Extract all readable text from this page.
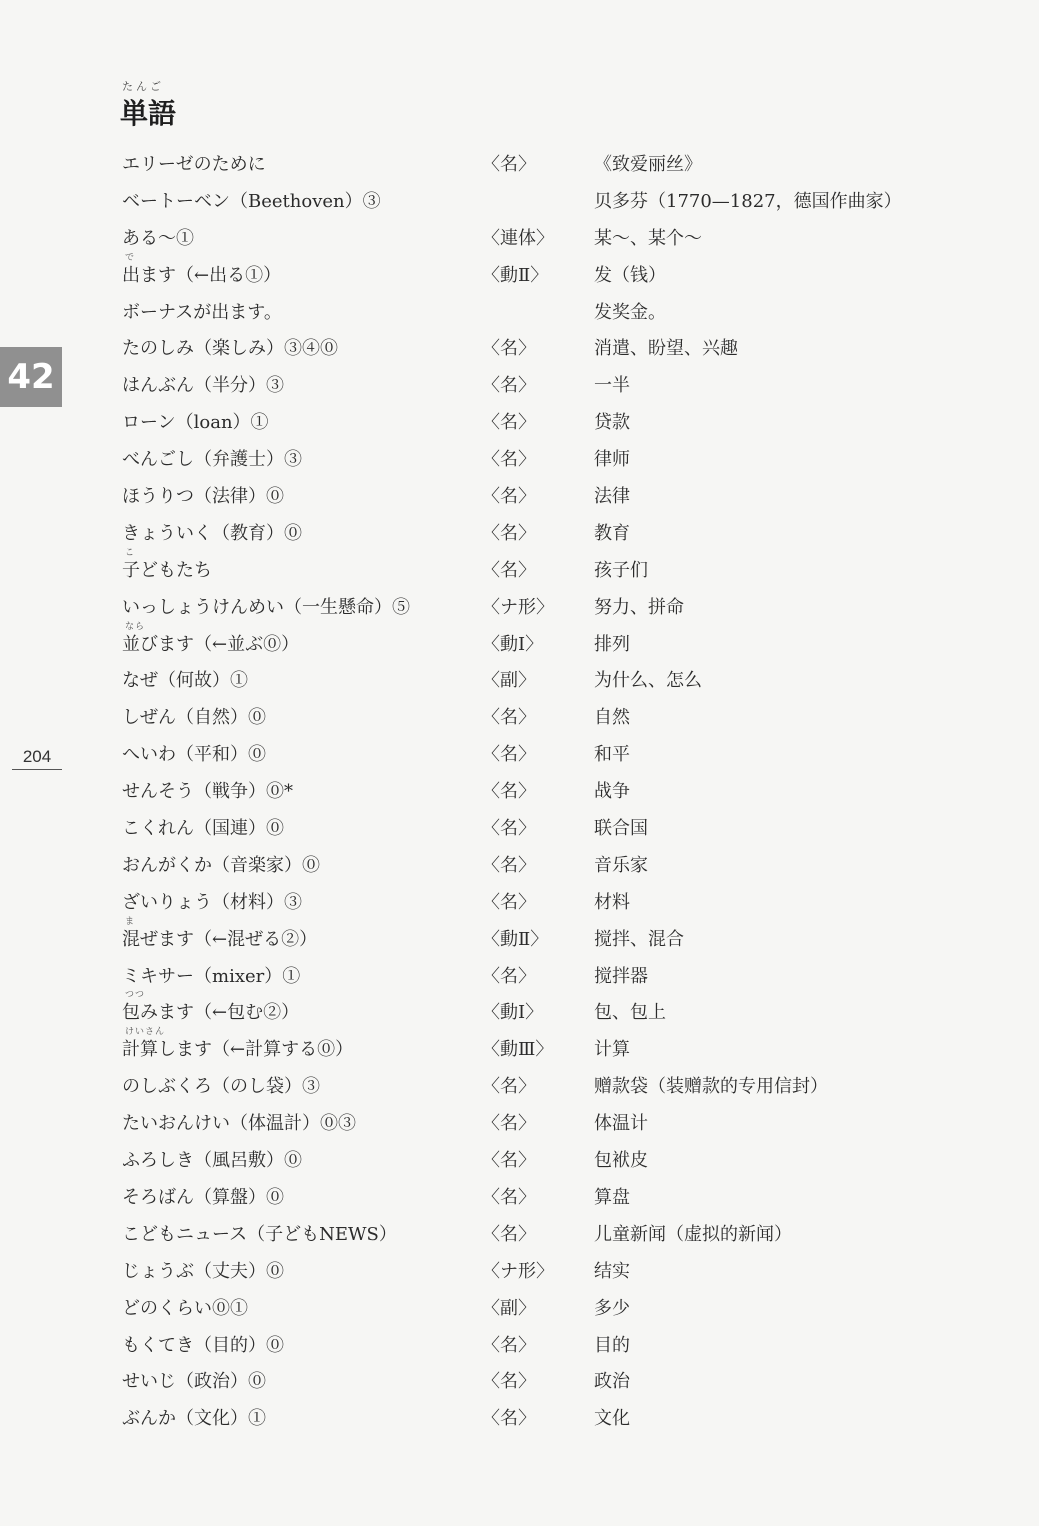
たんご
単語
42
204
エリーゼのために	〈名〉	《致爱丽丝》
ベートーベン（Beethoven）③	贝多芬（1770—1827，德国作曲家）
ある～①	〈連体〉 某～、某个～
で
出ます（←出る①）	〈動Ⅱ〉	发（钱）
ボーナスが出ます。	发奖金。
たのしみ（楽しみ）③④⓪	〈名〉	消遣、盼望、兴趣
はんぶん（半分）③	〈名〉	一半
ローン（loan）①	〈名〉	贷款
べんごし（弁護士）③	〈名〉	律师
ほうりつ（法律）⓪	〈名〉	法律
きょういく（教育）⓪	〈名〉	教育
こ
子どもたち	〈名〉	孩子们
いっしょうけんめい（一生懸命）⑤	〈ナ形〉 努力、拼命
なら
並びます（←並ぶ⓪）	〈動Ⅰ〉	排列
なぜ（何故）①	〈副〉	为什么、怎么
しぜん（自然）⓪	〈名〉	自然
へいわ（平和）⓪	〈名〉	和平
せんそう（戦争）⓪*	〈名〉	战争
こくれん（国連）⓪	〈名〉	联合国
おんがくか（音楽家）⓪	〈名〉	音乐家
ざいりょう（材料）③	〈名〉	材料
ま
混ぜます（←混ぜる②）	〈動Ⅱ〉	搅拌、混合
ミキサー（mixer）①	〈名〉	搅拌器
つつ
包みます（←包む②）	〈動Ⅰ〉	包、包上
けいさん
計算します（←計算する⓪）	〈動Ⅲ〉 计算
のしぶくろ（のし袋）③	〈名〉	赠款袋（装赠款的专用信封）
たいおんけい（体温計）⓪③	〈名〉	体温计
ふろしき（風呂敷）⓪	〈名〉	包袱皮
そろばん（算盤）⓪	〈名〉	算盘
こどもニュース（子どもNEWS）	〈名〉	儿童新闻（虚拟的新闻）
じょうぶ（丈夫）⓪	〈ナ形〉 结实
どのくらい⓪①	〈副〉	多少
もくてき（目的）⓪	〈名〉	目的
せいじ（政治）⓪	〈名〉	政治
ぶんか（文化）①	〈名〉	文化
